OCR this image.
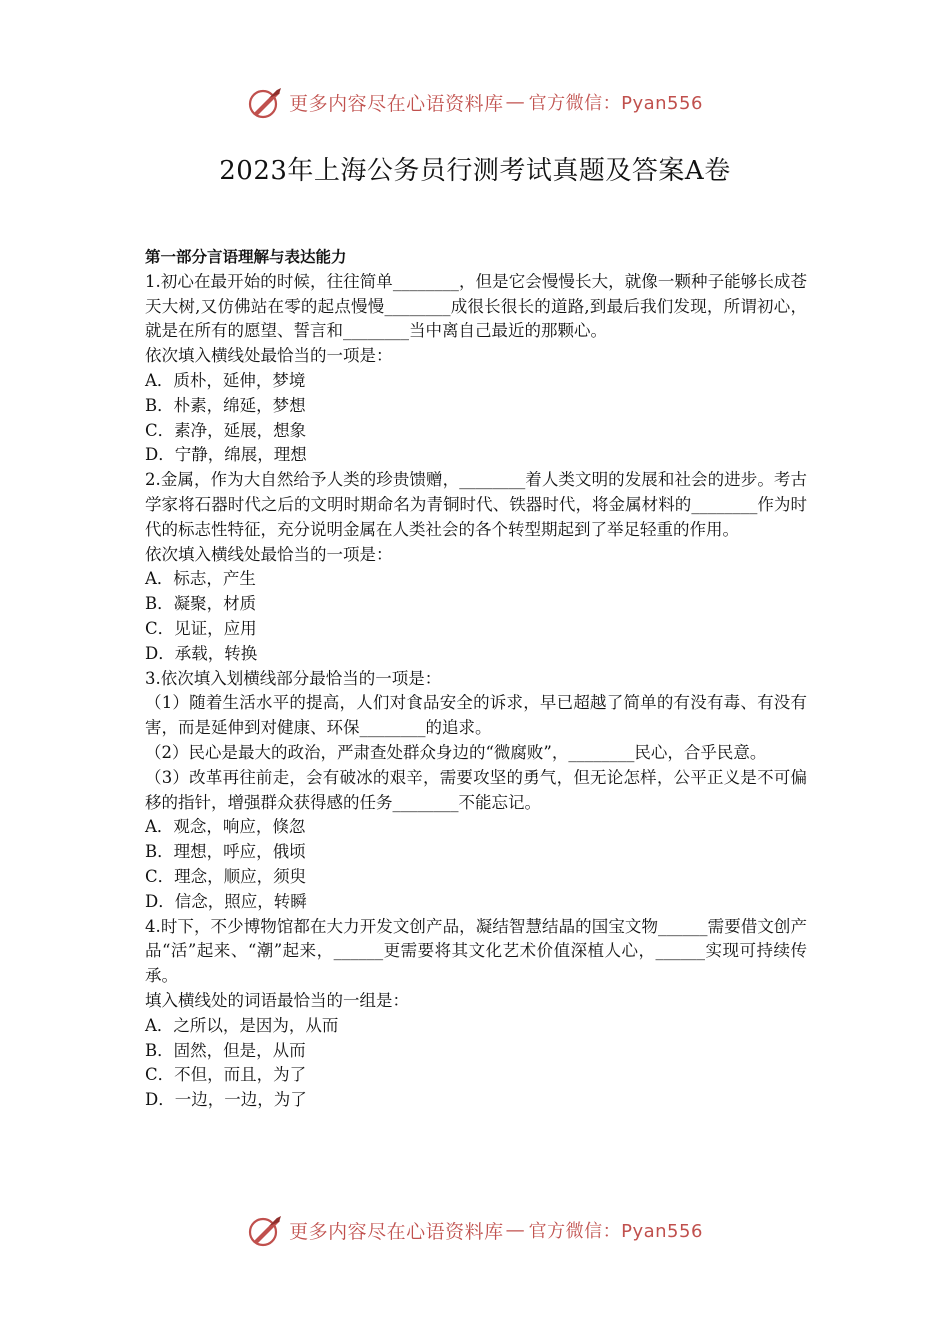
更多内容尽在心语资料库 — 官方微信：Pyan556
2023年上海公务员行测考试真题及答案A卷
第一部分言语理解与表达能力

1.初心在最开始的时候，往往简单________，但是它会慢慢长大，就像一颗种子能够长成苍天大树,又仿佛站在零的起点慢慢________成很长很长的道路,到最后我们发现，所谓初心，就是在所有的愿望、誓言和________当中离自己最近的那颗心。

依次填入横线处最恰当的一项是：

A．质朴，延伸，梦境

B．朴素，绵延，梦想

C．素净，延展，想象

D．宁静，绵展，理想

2.金属，作为大自然给予人类的珍贵馈赠，________着人类文明的发展和社会的进步。考古学家将石器时代之后的文明时期命名为青铜时代、铁器时代，将金属材料的________作为时代的标志性特征，充分说明金属在人类社会的各个转型期起到了举足轻重的作用。

依次填入横线处最恰当的一项是：

A．标志，产生

B．凝聚，材质

C．见证，应用

D．承载，转换

3.依次填入划横线部分最恰当的一项是：

（1）随着生活水平的提高，人们对食品安全的诉求，早已超越了简单的有没有毒、有没有害，而是延伸到对健康、环保________的追求。

（2）民心是最大的政治，严肃查处群众身边的“微腐败”，________民心，合乎民意。

（3）改革再往前走，会有破冰的艰辛，需要攻坚的勇气，但无论怎样，公平正义是不可偏移的指针，增强群众获得感的任务________不能忘记。

A．观念，响应，倏忽

B．理想，呼应，俄顷

C．理念，顺应，须臾

D．信念，照应，转瞬

4.时下，不少博物馆都在大力开发文创产品，凝结智慧结晶的国宝文物______需要借文创产品“活”起来、“潮”起来，______更需要将其文化艺术价值深植人心，______实现可持续传承。

填入横线处的词语最恰当的一组是：

A．之所以，是因为，从而

B．固然，但是，从而

C．不但，而且，为了

D．一边，一边，为了

更多内容尽在心语资料库 — 官方微信：Pyan556
